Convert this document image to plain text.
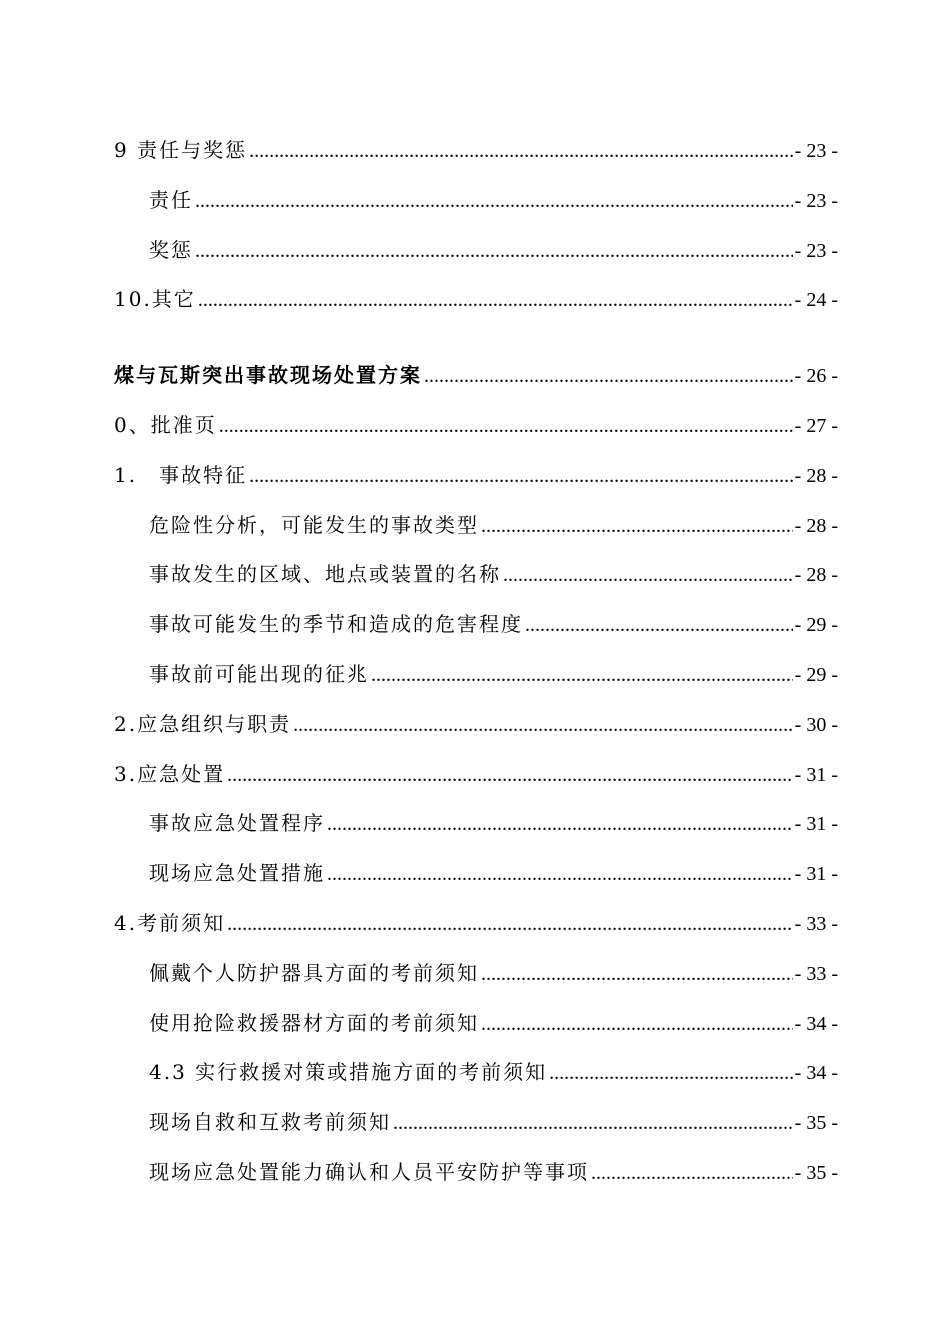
9 责任与奖惩 .....	- 23 -
责任 .....	- 23 -
奖惩 .....	- 23 -
10.其它 .....	- 24 -
煤与瓦斯突出事故现场处置方案 .....	- 26 -
0、批准页 .....	- 27 -
1.　事故特征 .....	- 28 -
危险性分析，可能发生的事故类型 .....	- 28 -
事故发生的区域、地点或装置的名称 .....	- 28 -
事故可能发生的季节和造成的危害程度 .....	- 29 -
事故前可能出现的征兆 .....	- 29 -
2.应急组织与职责 .....	- 30 -
3.应急处置 .....	- 31 -
事故应急处置程序 .....	- 31 -
现场应急处置措施 .....	- 31 -
4.考前须知 .....	- 33 -
佩戴个人防护器具方面的考前须知 .....	- 33 -
使用抢险救援器材方面的考前须知 .....	- 34 -
4.3 实行救援对策或措施方面的考前须知 .....	- 34 -
现场自救和互救考前须知 .....	- 35 -
现场应急处置能力确认和人员平安防护等事项 .....	- 35 -
